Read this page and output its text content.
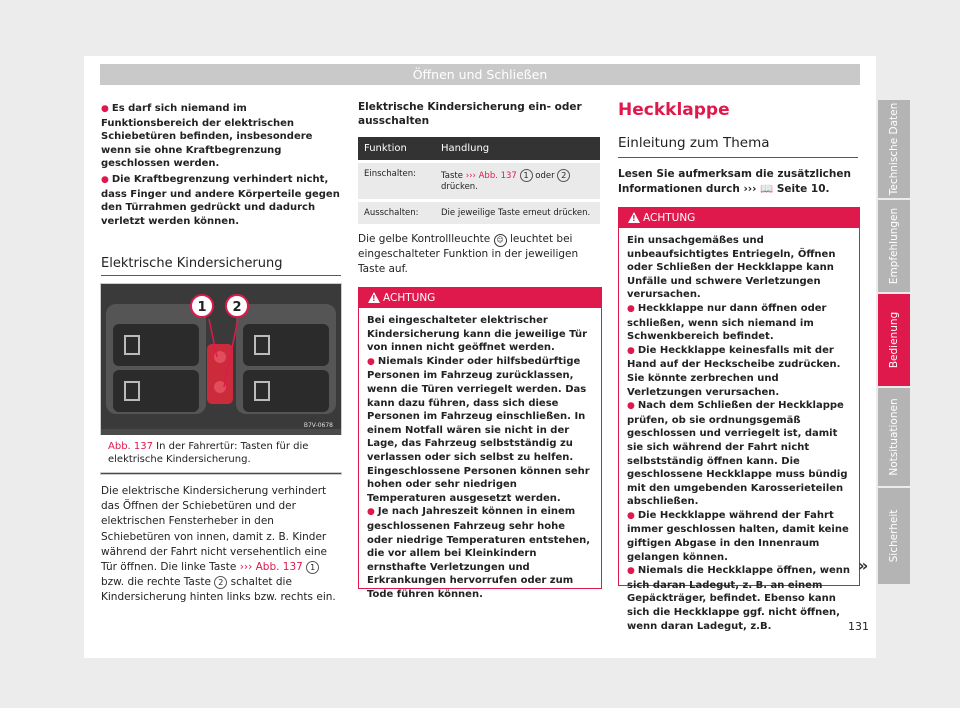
Öffnen und Schließen
● Es darf sich niemand im Funktionsbereich der elektrischen Schiebetüren befinden, insbesondere wenn sie ohne Kraftbegrenzung geschlossen werden.
● Die Kraftbegrenzung verhindert nicht, dass Finger und andere Körperteile gegen den Türrahmen gedrückt und dadurch verletzt werden können.
Elektrische Kindersicherung
1 2
B7V-0678
Abb. 137 In der Fahrertür: Tasten für die elektrische Kindersicherung.
Die elektrische Kindersicherung verhindert das Öffnen der Schiebetüren und der elektrischen Fensterheber in den Schiebetüren von innen, damit z. B. Kinder während der Fahrt nicht versehentlich eine Tür öffnen. Die linke Taste ››› Abb. 137 1 bzw. die rechte Taste 2 schaltet die Kindersicherung hinten links bzw. rechts ein.
Elektrische Kindersicherung ein- oder ausschalten
Funktion	Handlung
Einschalten:	Taste ››› Abb. 137 1 oder 2 drücken.
Ausschalten:	Die jeweilige Taste erneut drücken.
Die gelbe Kontrollleuchte ☺ leuchtet bei eingeschalteter Funktion in der jeweiligen Taste auf.
!
ACHTUNG

Bei eingeschalteter elektrischer Kindersicherung kann die jeweilige Tür von innen nicht geöffnet werden.

● Niemals Kinder oder hilfsbedürftige Personen im Fahrzeug zurücklassen, wenn die Türen verriegelt werden. Das kann dazu führen, dass sich diese Personen im Fahrzeug einschließen. In einem Notfall wären sie nicht in der Lage, das Fahrzeug selbstständig zu verlassen oder sich selbst zu helfen. Eingeschlossene Personen können sehr hohen oder sehr niedrigen Temperaturen ausgesetzt werden.

● Je nach Jahreszeit können in einem geschlossenen Fahrzeug sehr hohe oder niedrige Temperaturen entstehen, die vor allem bei Kleinkindern ernsthafte Verletzungen und Erkrankungen hervorrufen oder zum Tode führen können.

Heckklappe
Einleitung zum Thema
Lesen Sie aufmerksam die zusätzlichen Informationen durch ››› 📖 Seite 10.
!
ACHTUNG

Ein unsachgemäßes und unbeaufsichtigtes Entriegeln, Öffnen oder Schließen der Heckklappe kann Unfälle und schwere Verletzungen verursachen.

● Heckklappe nur dann öffnen oder schließen, wenn sich niemand im Schwenkbereich befindet.

● Die Heckklappe keinesfalls mit der Hand auf der Heckscheibe zudrücken. Sie könnte zerbrechen und Verletzungen verursachen.

● Nach dem Schließen der Heckklappe prüfen, ob sie ordnungsgemäß geschlossen und verriegelt ist, damit sie sich während der Fahrt nicht selbstständig öffnen kann. Die geschlossene Heckklappe muss bündig mit den umgebenden Karosserieteilen abschließen.

● Die Heckklappe während der Fahrt immer geschlossen halten, damit keine giftigen Abgase in den Innenraum gelangen können.

● Niemals die Heckklappe öffnen, wenn sich daran Ladegut, z. B. an einem Gepäckträger, befindet. Ebenso kann sich die Heckklappe ggf. nicht öffnen, wenn daran Ladegut, z.B.

»
Technische Daten
Empfehlungen
Bedienung
Notsituationen
Sicherheit
131
